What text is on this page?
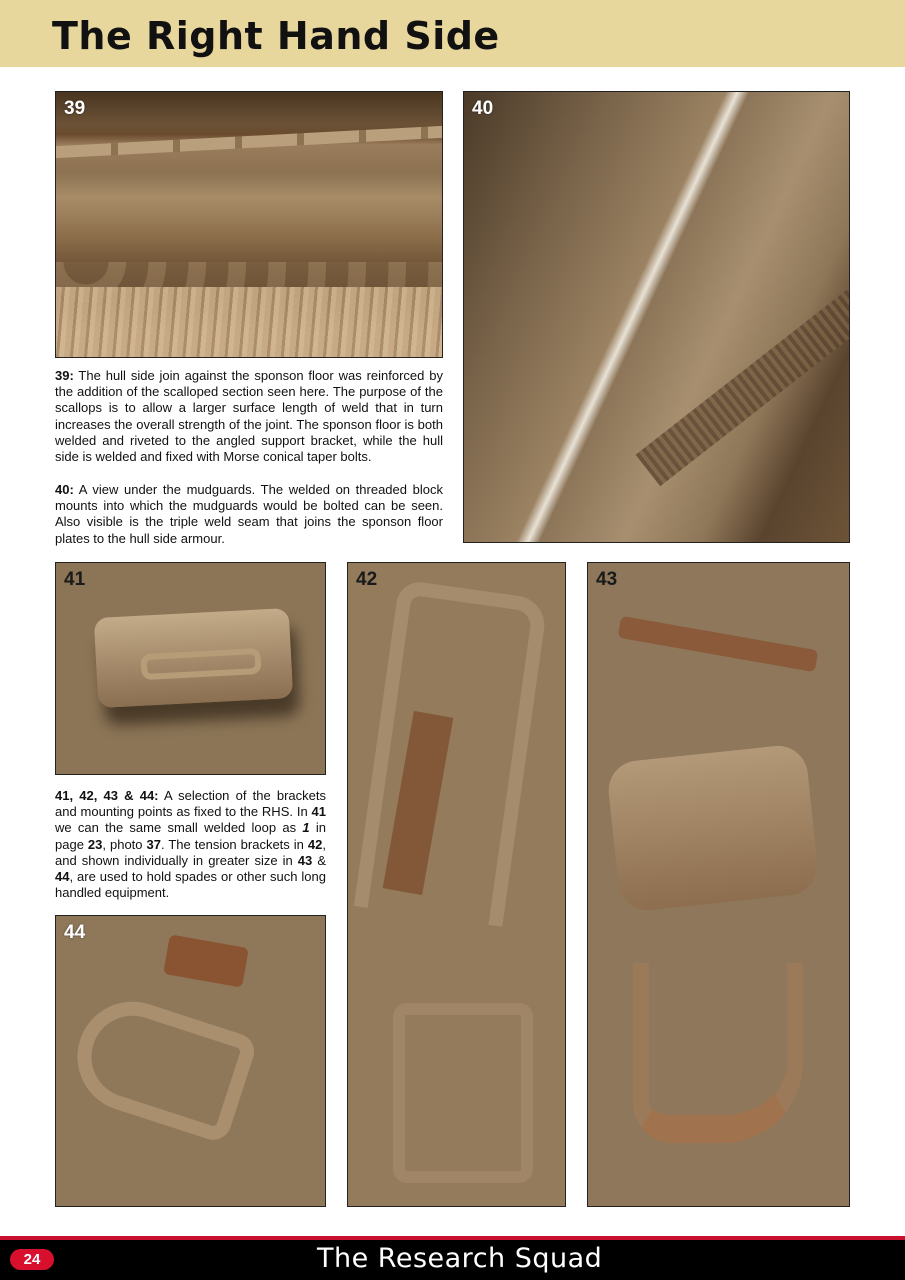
The Right Hand Side
39	40
39: The hull side join against the sponson floor was reinforced by the addition of the scalloped section seen here. The purpose of the scallops is to allow a larger surface length of weld that in turn increases the overall strength of the joint. The sponson floor is both welded and riveted to the angled support bracket, while the hull side is welded and fixed with Morse conical taper bolts.
40: A view under the mudguards. The welded on threaded block mounts into which the mudguards would be bolted can be seen. Also visible is the triple weld seam that joins the sponson floor plates to the hull side armour.
41	42	43
41, 42, 43 & 44: A selection of the brackets and mounting points as fixed to the RHS. In 41 we can the same small welded loop as 1 in page 23, photo 37. The tension brackets in 42, and shown individually in greater size in 43 & 44, are used to hold spades or other such long handled equipment.
44
24	The Research Squad
